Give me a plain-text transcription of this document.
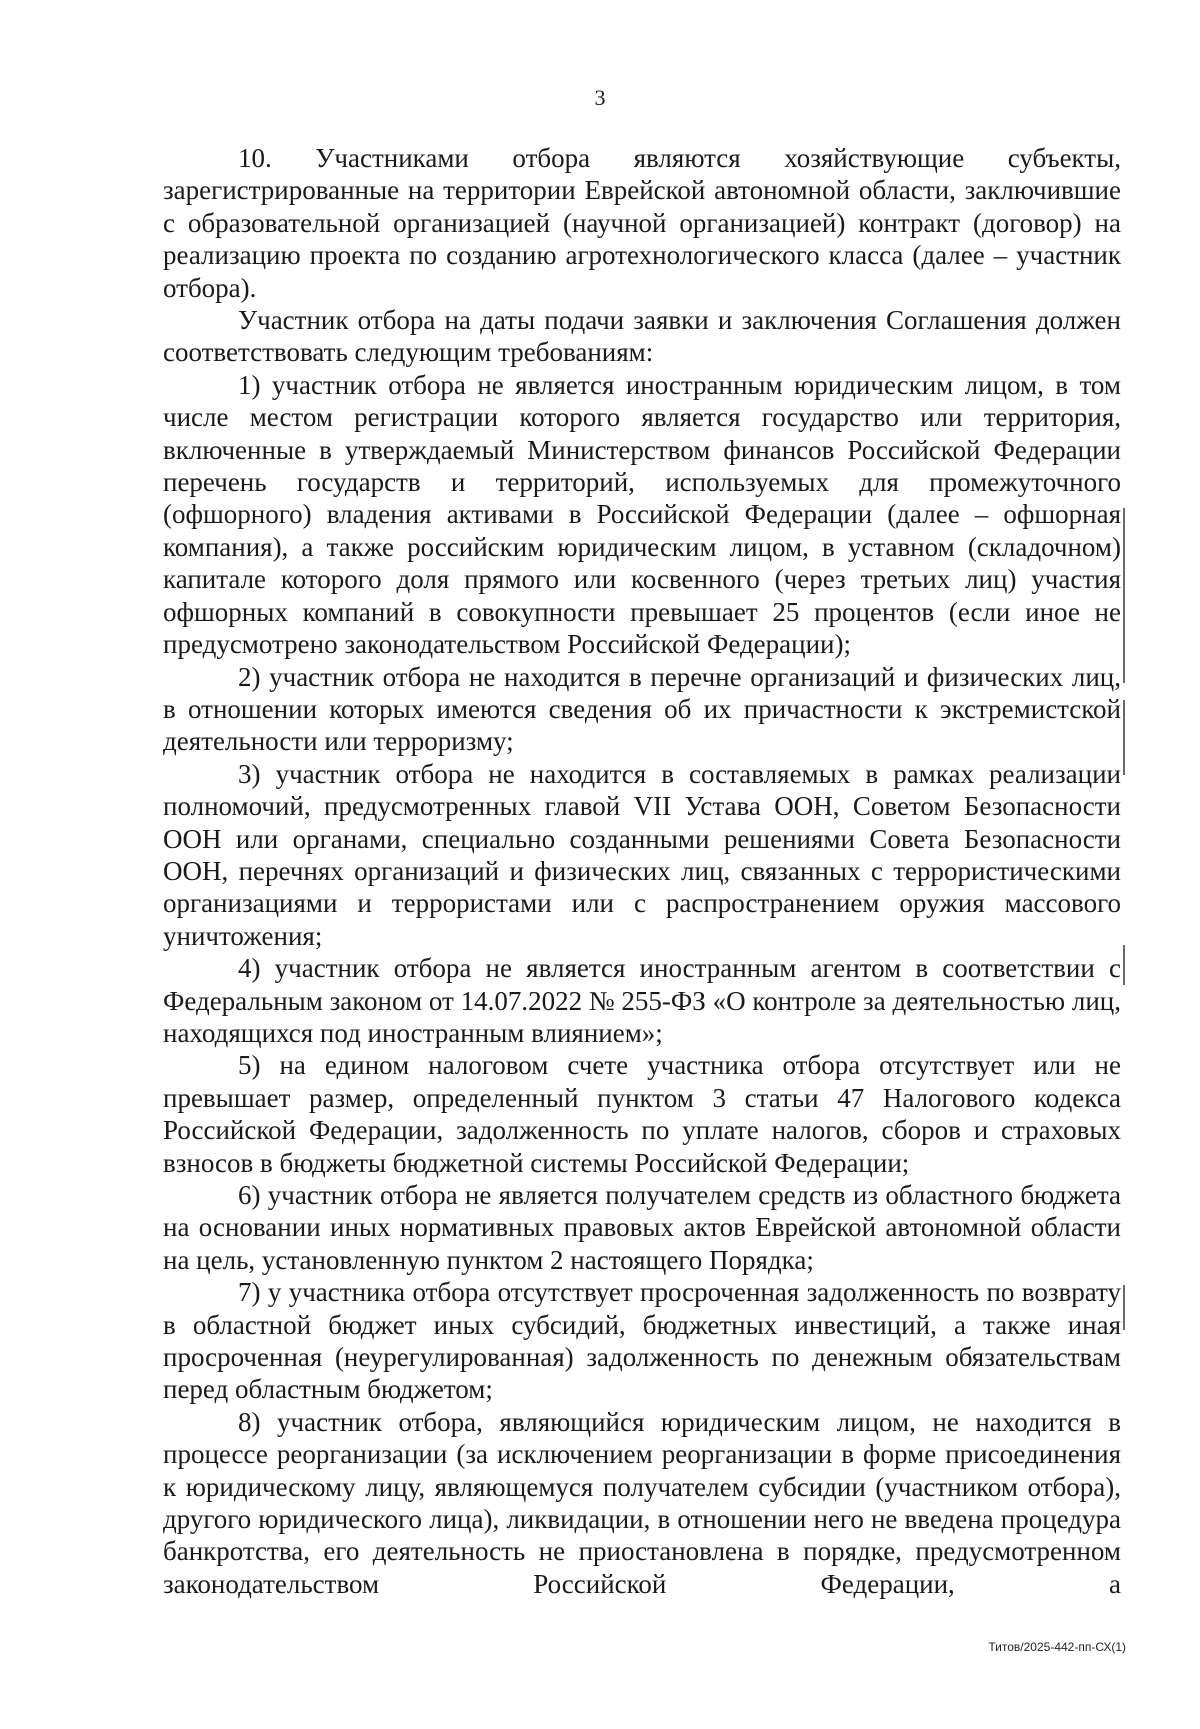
3

10. Участниками отбора являются хозяйствующие субъекты, зарегистрированные на территории Еврейской автономной области, заключившие с образовательной организацией (научной организацией) контракт (договор) на реализацию проекта по созданию агротехнологического класса (далее – участник отбора).

Участник отбора на даты подачи заявки и заключения Соглашения должен соответствовать следующим требованиям:

1) участник отбора не является иностранным юридическим лицом, в том числе местом регистрации которого является государство или территория, включенные в утверждаемый Министерством финансов Российской Федерации перечень государств и территорий, используемых для промежуточного (офшорного) владения активами в Российской Федерации (далее – офшорная компания), а также российским юридическим лицом, в уставном (складочном) капитале которого доля прямого или косвенного (через третьих лиц) участия офшорных компаний в совокупности превышает 25 процентов (если иное не предусмотрено законодательством Российской Федерации);

2) участник отбора не находится в перечне организаций и физических лиц, в отношении которых имеются сведения об их причастности к экстремистской деятельности или терроризму;

3) участник отбора не находится в составляемых в рамках реализации полномочий, предусмотренных главой VII Устава ООН, Советом Безопасности ООН или органами, специально созданными решениями Совета Безопасности ООН, перечнях организаций и физических лиц, связанных с террористическими организациями и террористами или с распространением оружия массового уничтожения;

4) участник отбора не является иностранным агентом в соответствии с Федеральным законом от 14.07.2022 № 255-ФЗ «О контроле за деятельностью лиц, находящихся под иностранным влиянием»;

5) на едином налоговом счете участника отбора отсутствует или не превышает размер, определенный пунктом 3 статьи 47 Налогового кодекса Российской Федерации, задолженность по уплате налогов, сборов и страховых взносов в бюджеты бюджетной системы Российской Федерации;

6) участник отбора не является получателем средств из областного бюджета на основании иных нормативных правовых актов Еврейской автономной области на цель, установленную пунктом 2 настоящего Порядка;

7) у участника отбора отсутствует просроченная задолженность по возврату в областной бюджет иных субсидий, бюджетных инвестиций, а также иная просроченная (неурегулированная) задолженность по денежным обязательствам перед областным бюджетом;

8) участник отбора, являющийся юридическим лицом, не находится в процессе реорганизации (за исключением реорганизации в форме присоединения к юридическому лицу, являющемуся получателем субсидии (участником отбора), другого юридического лица), ликвидации, в отношении него не введена процедура банкротства, его деятельность не приостановлена в порядке, предусмотренном законодательством Российской Федерации, а

Титов/2025-442-пп-СХ(1)
